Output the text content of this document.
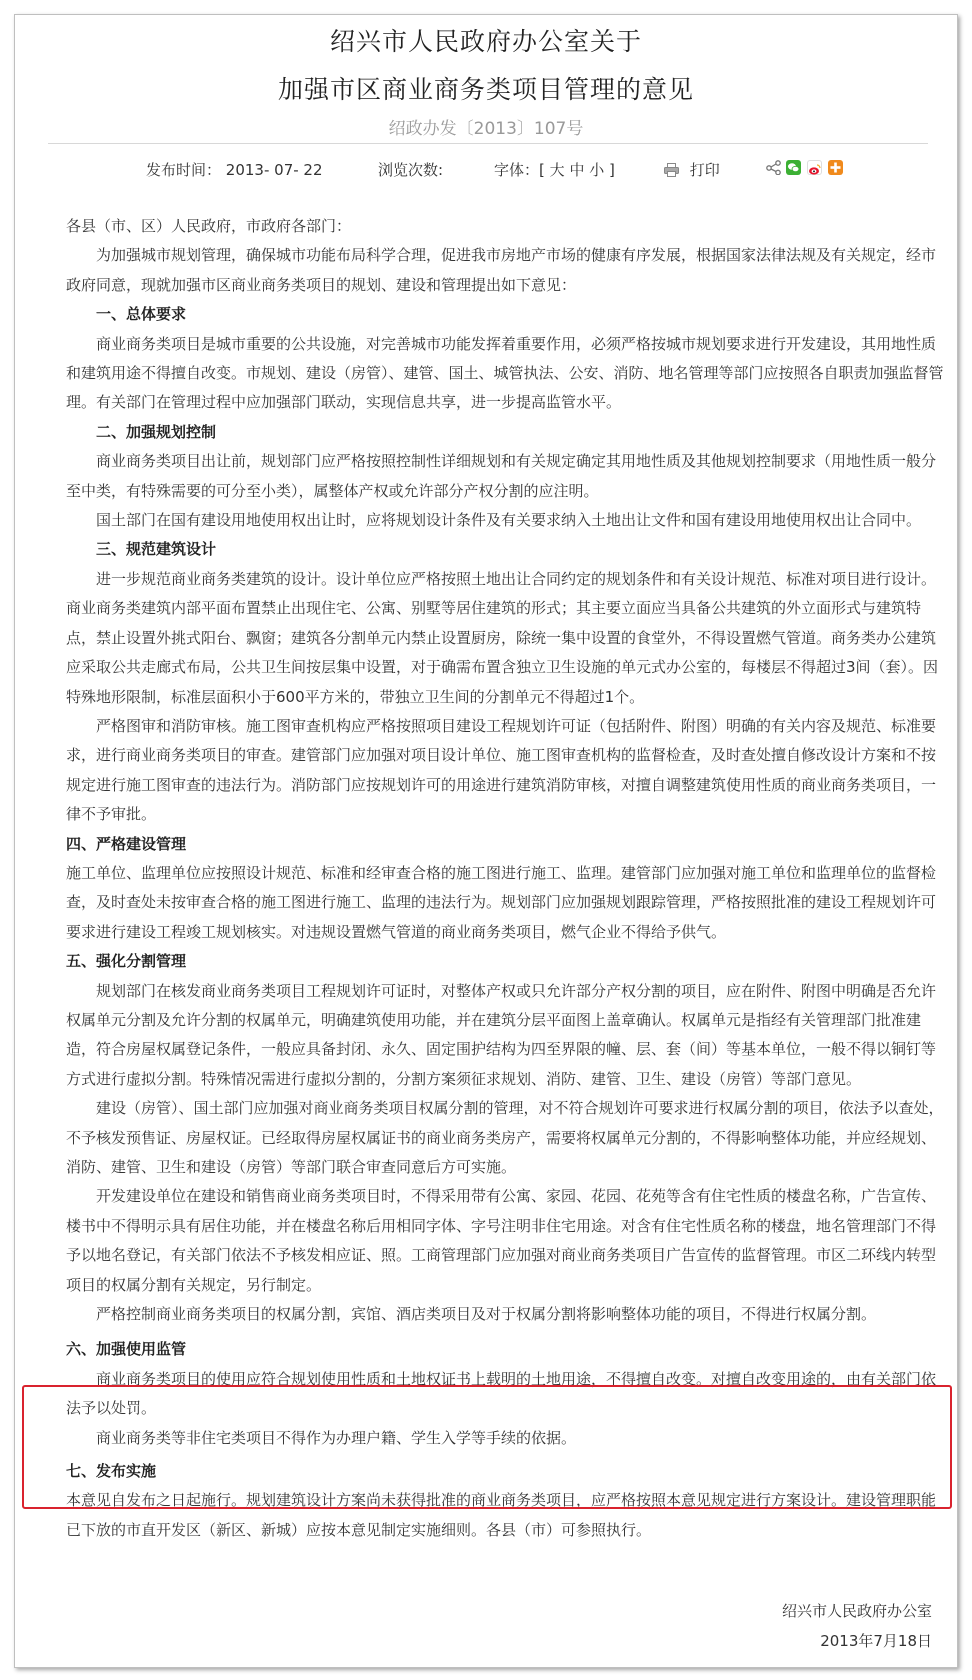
绍兴市人民政府办公室关于
加强市区商业商务类项目管理的意见
绍政办发〔2013〕107号
发布时间： 2013- 07- 22	浏览次数:	字体：[ 大 中 小 ]	打印

各县（市、区）人民政府，市政府各部门：

为加强城市规划管理，确保城市功能布局科学合理，促进我市房地产市场的健康有序发展，根据国家法律法规及有关规定，经市政府同意，现就加强市区商业商务类项目的规划、建设和管理提出如下意见：

一、总体要求

商业商务类项目是城市重要的公共设施，对完善城市功能发挥着重要作用，必须严格按城市规划要求进行开发建设，其用地性质和建筑用途不得擅自改变。市规划、建设（房管）、建管、国土、城管执法、公安、消防、地名管理等部门应按照各自职责加强监督管理。有关部门在管理过程中应加强部门联动，实现信息共享，进一步提高监管水平。

二、加强规划控制

商业商务类项目出让前，规划部门应严格按照控制性详细规划和有关规定确定其用地性质及其他规划控制要求（用地性质一般分至中类，有特殊需要的可分至小类），属整体产权或允许部分产权分割的应注明。

国土部门在国有建设用地使用权出让时，应将规划设计条件及有关要求纳入土地出让文件和国有建设用地使用权出让合同中。

三、规范建筑设计

进一步规范商业商务类建筑的设计。设计单位应严格按照土地出让合同约定的规划条件和有关设计规范、标准对项目进行设计。商业商务类建筑内部平面布置禁止出现住宅、公寓、别墅等居住建筑的形式；其主要立面应当具备公共建筑的外立面形式与建筑特点，禁止设置外挑式阳台、飘窗；建筑各分割单元内禁止设置厨房，除统一集中设置的食堂外，不得设置燃气管道。商务类办公建筑应采取公共走廊式布局，公共卫生间按层集中设置，对于确需布置含独立卫生设施的单元式办公室的，每楼层不得超过3间（套）。因特殊地形限制，标准层面积小于600平方米的，带独立卫生间的分割单元不得超过1个。

严格图审和消防审核。施工图审查机构应严格按照项目建设工程规划许可证（包括附件、附图）明确的有关内容及规范、标准要求，进行商业商务类项目的审查。建管部门应加强对项目设计单位、施工图审查机构的监督检查，及时查处擅自修改设计方案和不按规定进行施工图审查的违法行为。消防部门应按规划许可的用途进行建筑消防审核，对擅自调整建筑使用性质的商业商务类项目，一律不予审批。

四、严格建设管理

施工单位、监理单位应按照设计规范、标准和经审查合格的施工图进行施工、监理。建管部门应加强对施工单位和监理单位的监督检查，及时查处未按审查合格的施工图进行施工、监理的违法行为。规划部门应加强规划跟踪管理，严格按照批准的建设工程规划许可要求进行建设工程竣工规划核实。对违规设置燃气管道的商业商务类项目，燃气企业不得给予供气。

五、强化分割管理

规划部门在核发商业商务类项目工程规划许可证时，对整体产权或只允许部分产权分割的项目，应在附件、附图中明确是否允许权属单元分割及允许分割的权属单元，明确建筑使用功能，并在建筑分层平面图上盖章确认。权属单元是指经有关管理部门批准建造，符合房屋权属登记条件，一般应具备封闭、永久、固定围护结构为四至界限的幢、层、套（间）等基本单位，一般不得以铜钉等方式进行虚拟分割。特殊情况需进行虚拟分割的，分割方案须征求规划、消防、建管、卫生、建设（房管）等部门意见。

建设（房管）、国土部门应加强对商业商务类项目权属分割的管理，对不符合规划许可要求进行权属分割的项目，依法予以查处，不予核发预售证、房屋权证。已经取得房屋权属证书的商业商务类房产，需要将权属单元分割的，不得影响整体功能，并应经规划、消防、建管、卫生和建设（房管）等部门联合审查同意后方可实施。

开发建设单位在建设和销售商业商务类项目时，不得采用带有公寓、家园、花园、花苑等含有住宅性质的楼盘名称，广告宣传、楼书中不得明示具有居住功能，并在楼盘名称后用相同字体、字号注明非住宅用途。对含有住宅性质名称的楼盘，地名管理部门不得予以地名登记，有关部门依法不予核发相应证、照。工商管理部门应加强对商业商务类项目广告宣传的监督管理。市区二环线内转型项目的权属分割有关规定，另行制定。

严格控制商业商务类项目的权属分割，宾馆、酒店类项目及对于权属分割将影响整体功能的项目，不得进行权属分割。

六、加强使用监管

商业商务类项目的使用应符合规划使用性质和土地权证书上载明的土地用途，不得擅自改变。对擅自改变用途的，由有关部门依法予以处罚。

商业商务类等非住宅类项目不得作为办理户籍、学生入学等手续的依据。

七、发布实施

本意见自发布之日起施行。规划建筑设计方案尚未获得批准的商业商务类项目，应严格按照本意见规定进行方案设计。建设管理职能已下放的市直开发区（新区、新城）应按本意见制定实施细则。各县（市）可参照执行。

绍兴市人民政府办公室
2013年7月18日
